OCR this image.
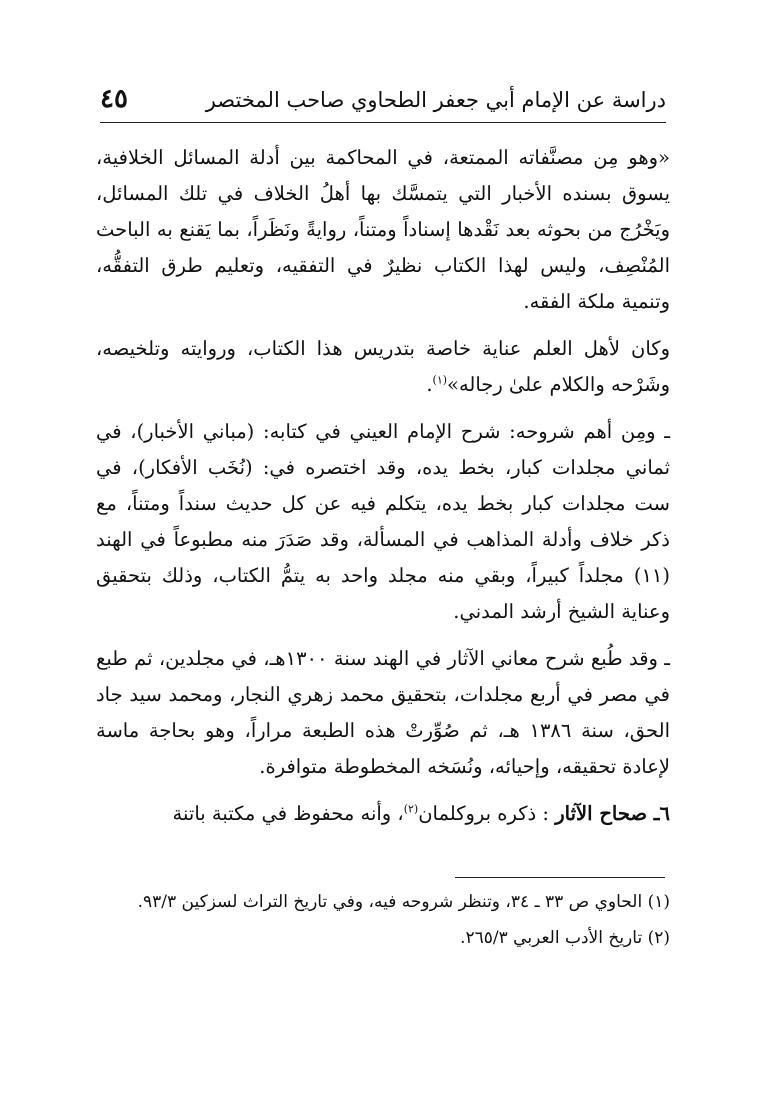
دراسة عن الإمام أبي جعفر الطحاوي صاحب المختصر
٤٥

«وهو مِن مصنَّفاته الممتعة، في المحاكمة بين أدلة المسائل الخلافية، يسوق بسنده الأخبار التي يتمسَّك بها أهلُ الخلاف في تلك المسائل، ويَخْرُج من بحوثه بعد نَقْدها إسناداً ومتناً، روايةً ونَظَراً، بما يَقنع به الباحث المُنْصِف، وليس لهذا الكتاب نظيرٌ في التفقيه، وتعليم طرق التفقُّه، وتنمية ملكة الفقه.

وكان لأهل العلم عناية خاصة بتدريس هذا الكتاب، وروايته وتلخيصه، وشَرْحه والكلام علىٰ رجاله»$^{(١)}$.

ـ ومِن أهم شروحه: شرح الإمام العيني في كتابه: (مباني الأخبار)، في ثماني مجلدات كبار، بخط يده، وقد اختصره في: (نُخَب الأفكار)، في ست مجلدات كبار بخط يده، يتكلم فيه عن كل حديث سنداً ومتناً، مع ذكر خلاف وأدلة المذاهب في المسألة، وقد صَدَرَ منه مطبوعاً في الهند (١١) مجلداً كبيراً، وبقي منه مجلد واحد به يتمُّ الكتاب، وذلك بتحقيق وعناية الشيخ أرشد المدني.

ـ وقد طُبع شرح معاني الآثار في الهند سنة ١٣٠٠هـ، في مجلدين، ثم طبع في مصر في أربع مجلدات، بتحقيق محمد زهري النجار، ومحمد سيد جاد الحق، سنة ١٣٨٦ هـ، ثم صُوِّرتْ هذه الطبعة مراراً، وهو بحاجة ماسة لإعادة تحقيقه، وإحيائه، ونُسَخه المخطوطة متوافرة.

٦ـ صحاح الآثار : ذكره بروكلمان$^{(٢)}$، وأنه محفوظ في مكتبة باتنة

(١) الحاوي ص ٣٣ ـ ٣٤، وتنظر شروحه فيه، وفي تاريخ التراث لسزكين ٩٣/٣.

(٢) تاريخ الأدب العربي ٢٦٥/٣.
